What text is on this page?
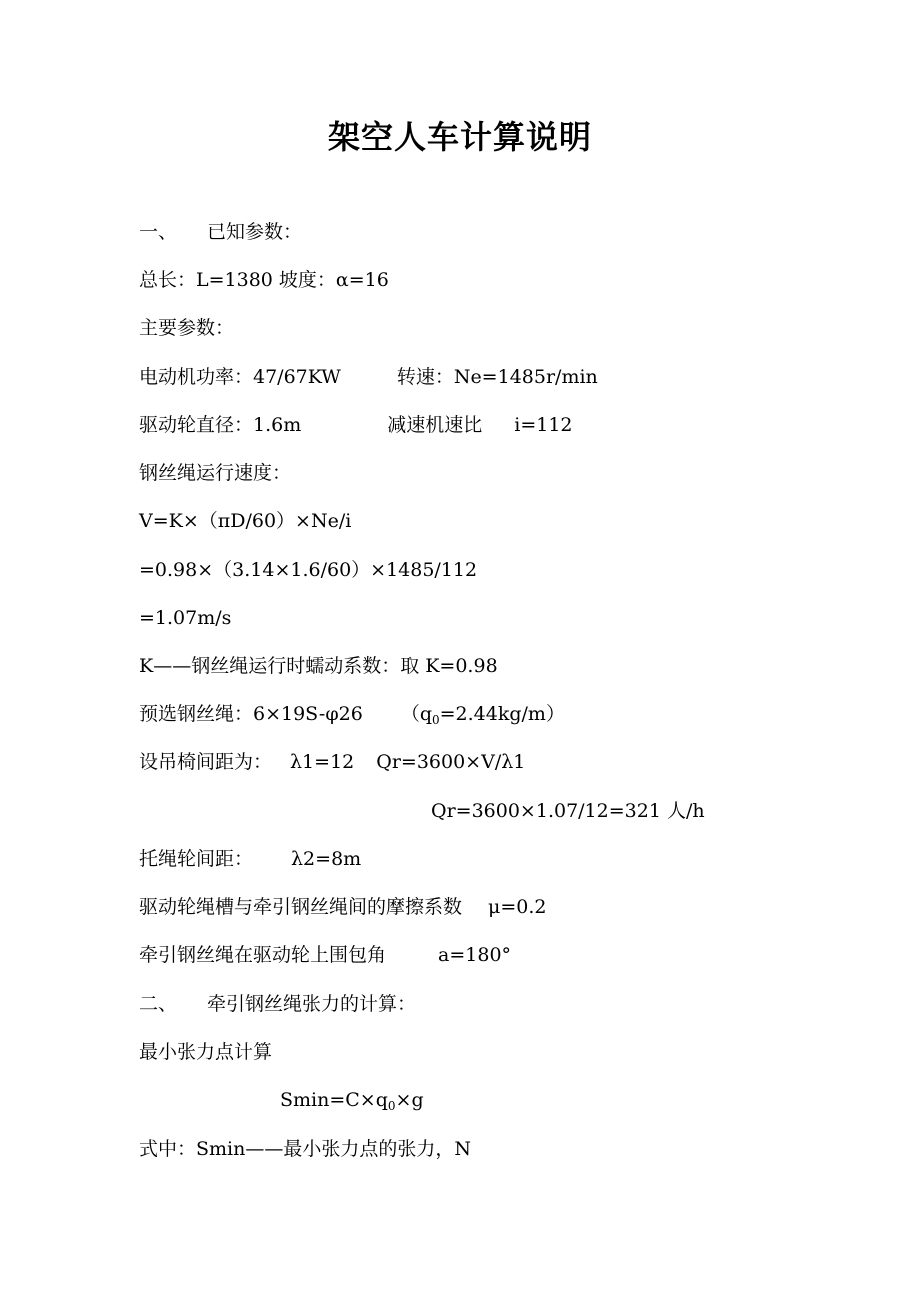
架空人车计算说明
一、 已知参数：
总长：L=1380 坡度：α=16
主要参数：
电动机功率：47/67KW	转速：Ne=1485r/min
驱动轮直径：1.6m	减速机速比 i=112
钢丝绳运行速度：
V=K×（πD/60）×Ne/i
=0.98×（3.14×1.6/60）×1485/112
=1.07m/s
K——钢丝绳运行时蠕动系数：取 K=0.98
预选钢丝绳：6×19S-φ26 $(q_0=2.44kg/m)$
设吊椅间距为： λ1=12 Qr=3600×V/λ1
Qr=3600×1.07/12=321 人/h
托绳轮间距： λ2=8m
驱动轮绳槽与牵引钢丝绳间的摩擦系数 μ=0.2
牵引钢丝绳在驱动轮上围包角	a=180°
二、 牵引钢丝绳张力的计算：
最小张力点计算
$Smin=C\times q_0\times g$
式中：Smin——最小张力点的张力，N
